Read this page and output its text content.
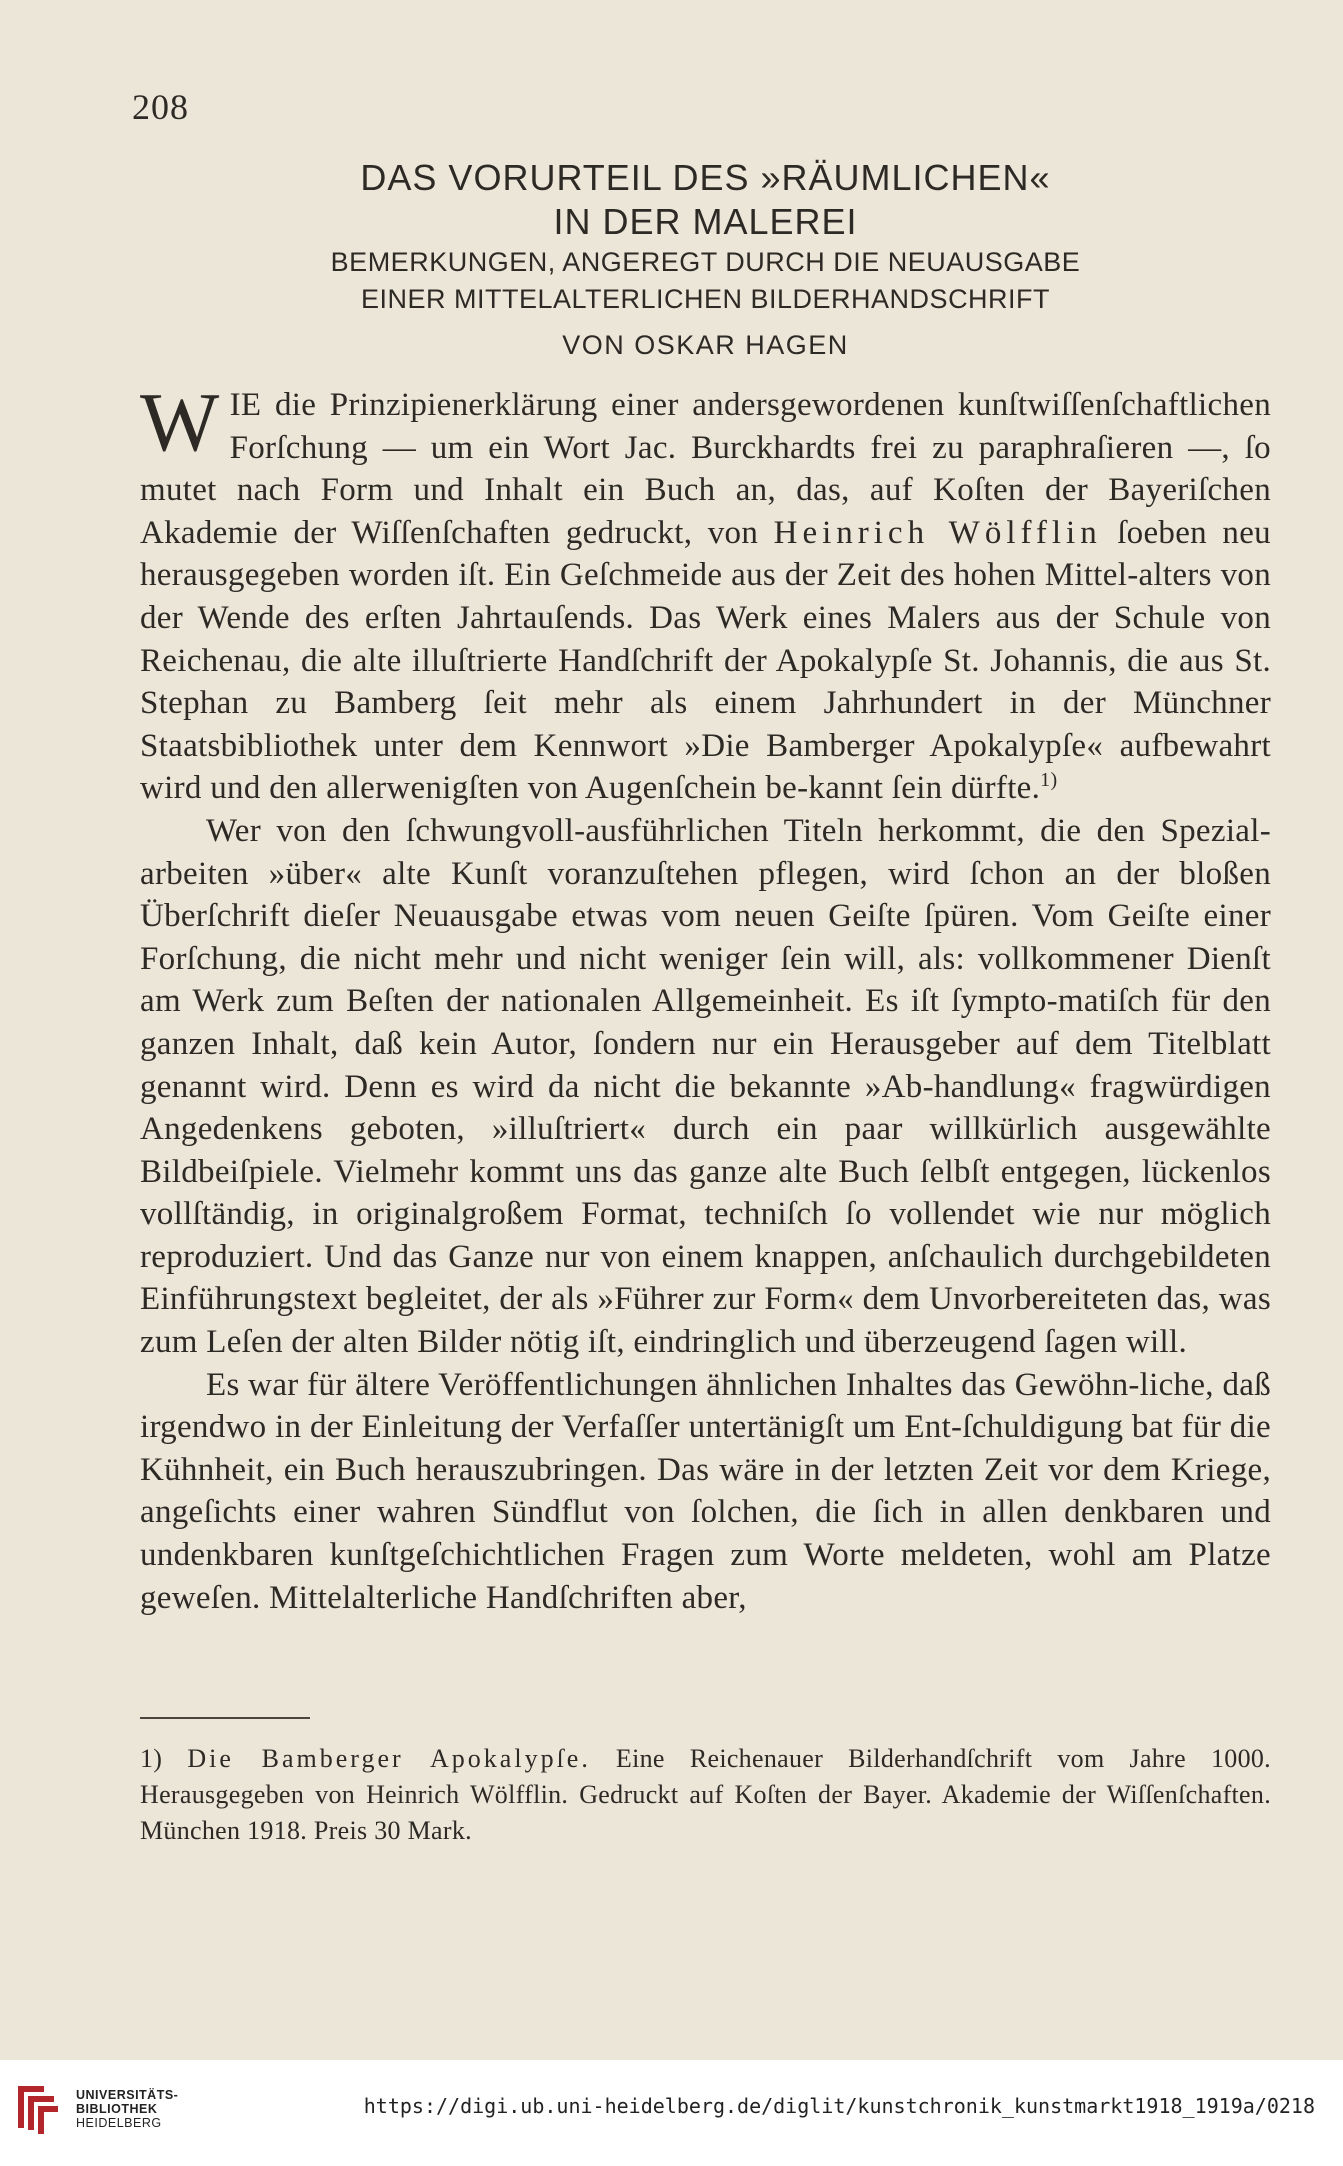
208
DAS VORURTEIL DES »RÄUMLICHEN«
IN DER MALEREI
BEMERKUNGEN, ANGEREGT DURCH DIE NEUAUSGABE
EINER MITTELALTERLICHEN BILDERHANDSCHRIFT
VON OSKAR HAGEN

WIE die Prinzipienerklärung einer andersgewordenen kunſtwiſſenſchaftlichen Forſchung — um ein Wort Jac. Burckhardts frei zu paraphraſieren —, ſo mutet nach Form und Inhalt ein Buch an, das, auf Koſten der Bayeriſchen Akademie der Wiſſenſchaften gedruckt, von Heinrich Wölfflin ſoeben neu herausgegeben worden iſt. Ein Geſchmeide aus der Zeit des hohen Mittel-alters von der Wende des erſten Jahrtauſends. Das Werk eines Malers aus der Schule von Reichenau, die alte illuſtrierte Handſchrift der Apokalypſe St. Johannis, die aus St. Stephan zu Bamberg ſeit mehr als einem Jahrhundert in der Münchner Staatsbibliothek unter dem Kennwort »Die Bamberger Apokalypſe« aufbewahrt wird und den allerwenigſten von Augenſchein be-kannt ſein dürfte.$^{1)}$

Wer von den ſchwungvoll-ausführlichen Titeln herkommt, die den Spezial-arbeiten »über« alte Kunſt voranzuſtehen pflegen, wird ſchon an der bloßen Überſchrift dieſer Neuausgabe etwas vom neuen Geiſte ſpüren. Vom Geiſte einer Forſchung, die nicht mehr und nicht weniger ſein will, als: vollkommener Dienſt am Werk zum Beſten der nationalen Allgemeinheit. Es iſt ſympto-matiſch für den ganzen Inhalt, daß kein Autor, ſondern nur ein Herausgeber auf dem Titelblatt genannt wird. Denn es wird da nicht die bekannte »Ab-handlung« fragwürdigen Angedenkens geboten, »illuſtriert« durch ein paar willkürlich ausgewählte Bildbeiſpiele. Vielmehr kommt uns das ganze alte Buch ſelbſt entgegen, lückenlos vollſtändig, in originalgroßem Format, techniſch ſo vollendet wie nur möglich reproduziert. Und das Ganze nur von einem knappen, anſchaulich durchgebildeten Einführungstext begleitet, der als »Führer zur Form« dem Unvorbereiteten das, was zum Leſen der alten Bilder nötig iſt, eindringlich und überzeugend ſagen will.

Es war für ältere Veröffentlichungen ähnlichen Inhaltes das Gewöhn-liche, daß irgendwo in der Einleitung der Verfaſſer untertänigſt um Ent-ſchuldigung bat für die Kühnheit, ein Buch herauszubringen. Das wäre in der letzten Zeit vor dem Kriege, angeſichts einer wahren Sündflut von ſolchen, die ſich in allen denkbaren und undenkbaren kunſtgeſchichtlichen Fragen zum Worte meldeten, wohl am Platze geweſen. Mittelalterliche Handſchriften aber,

1) Die Bamberger Apokalypſe. Eine Reichenauer Bilderhandſchrift vom Jahre 1000. Herausgegeben von Heinrich Wölfflin. Gedruckt auf Koſten der Bayer. Akademie der Wiſſenſchaften. München 1918. Preis 30 Mark.

UNIVERSITÄTS-
BIBLIOTHEK
HEIDELBERG
https://digi.ub.uni-heidelberg.de/diglit/kunstchronik_kunstmarkt1918_1919a/0218
